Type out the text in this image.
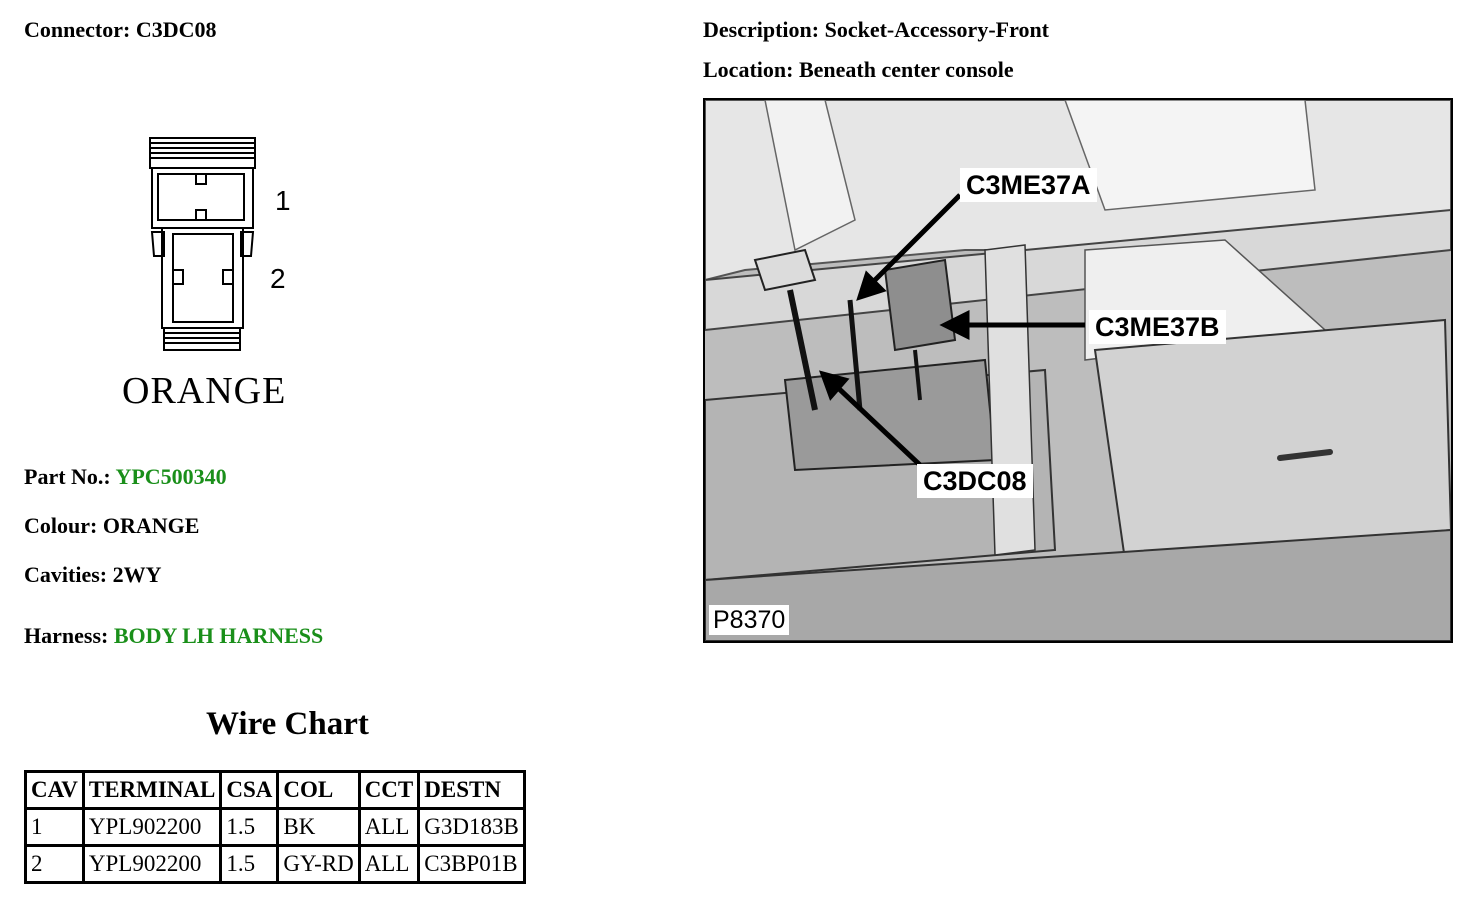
Connector: C3DC08	Description: Socket-Accessory-Front
Location: Beneath center console
1
2
ORANGE
Part No.: YPC500340
Colour: ORANGE
Cavities: 2WY
Harness: BODY LH HARNESS
C3ME37A
C3ME37B
C3DC08
P8370
Wire Chart
CAV	TERMINAL	CSA	COL	CCT	DESTN
1	YPL902200	1.5	BK	ALL	G3D183B
2	YPL902200	1.5	GY-RD	ALL	C3BP01B
